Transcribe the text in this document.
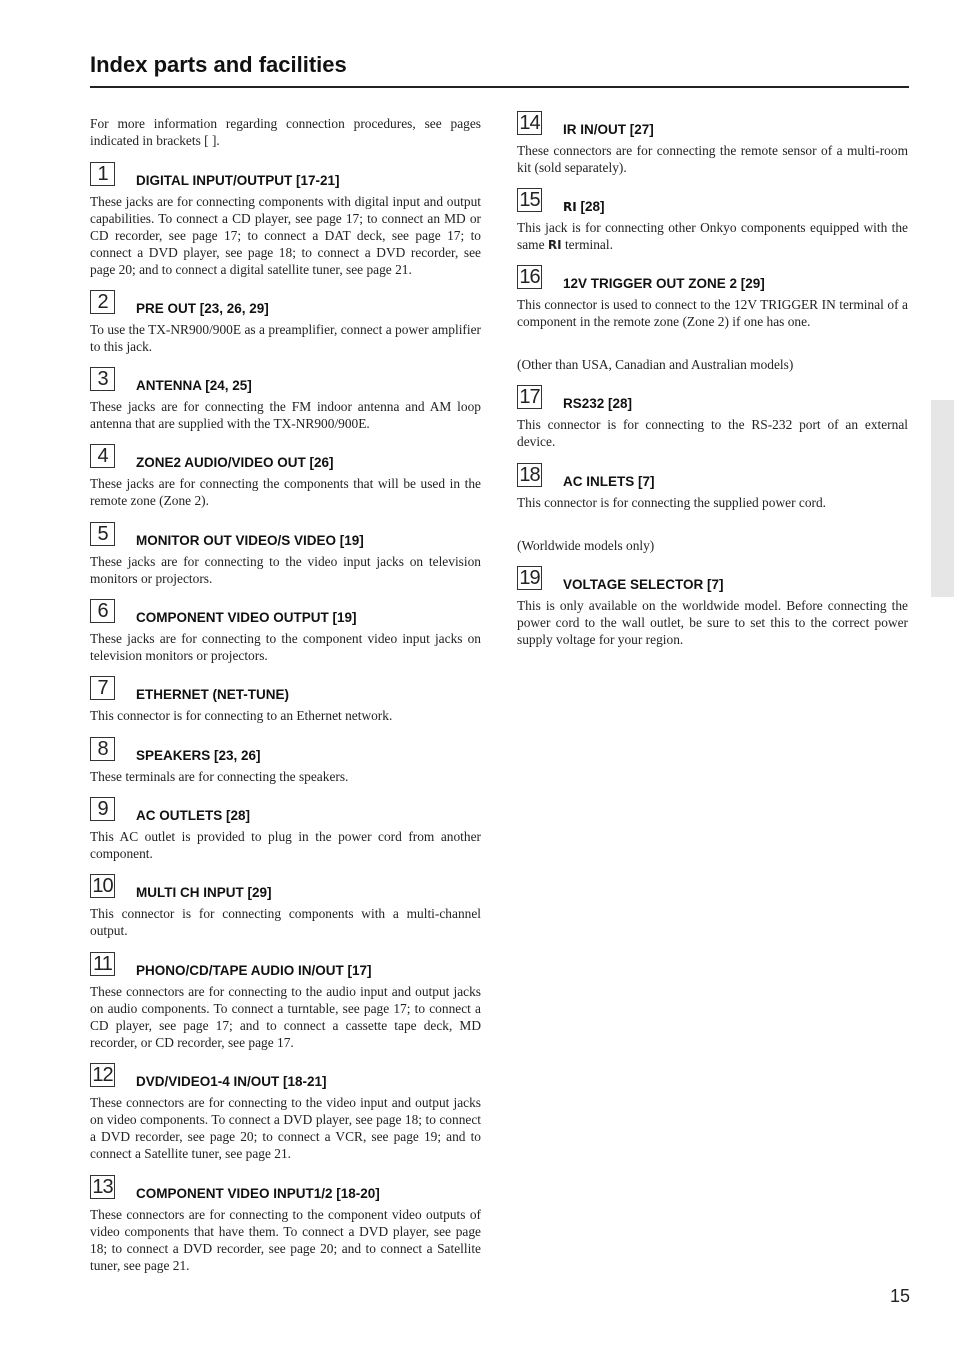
Index parts and facilities

For more information regarding connection procedures, see pages indicated in brackets [ ].

1	DIGITAL INPUT/OUTPUT [17-21]

These jacks are for connecting components with digital input and output capabilities. To connect a CD player, see page 17; to connect an MD or CD recorder, see page 17; to connect a DAT deck, see page 17; to connect a DVD player, see page 18; to connect a DVD recorder, see page 20; and to connect a digital satellite tuner, see page 21.

2	PRE OUT [23, 26, 29]

To use the TX-NR900/900E as a preamplifier, connect a power amplifier to this jack.

3	ANTENNA [24, 25]

These jacks are for connecting the FM indoor antenna and AM loop antenna that are supplied with the TX-NR900/900E.

4	ZONE2 AUDIO/VIDEO OUT [26]

These jacks are for connecting the components that will be used in the remote zone (Zone 2).

5	MONITOR OUT VIDEO/S VIDEO [19]

These jacks are for connecting to the video input jacks on television monitors or projectors.

6	COMPONENT VIDEO OUTPUT [19]

These jacks are for connecting to the component video input jacks on television monitors or projectors.

7	ETHERNET (NET-TUNE)

This connector is for connecting to an Ethernet network.

8	SPEAKERS [23, 26]

These terminals are for connecting the speakers.

9	AC OUTLETS [28]

This AC outlet is provided to plug in the power cord from another component.

10 MULTI CH INPUT [29]

This connector is for connecting components with a multi-channel output.

11 PHONO/CD/TAPE AUDIO IN/OUT [17]

These connectors are for connecting to the audio input and output jacks on audio components. To connect a turntable, see page 17; to connect a CD player, see page 17; and to connect a cassette tape deck, MD recorder, or CD recorder, see page 17.

12 DVD/VIDEO1-4 IN/OUT [18-21]

These connectors are for connecting to the video input and output jacks on video components. To connect a DVD player, see page 18; to connect a DVD recorder, see page 20; to connect a VCR, see page 19; and to connect a Satellite tuner, see page 21.

13 COMPONENT VIDEO INPUT1/2 [18-20]

These connectors are for connecting to the component video outputs of video components that have them. To connect a DVD player, see page 18; to connect a DVD recorder, see page 20; and to connect a Satellite tuner, see page 21.

14 IR IN/OUT [27]

These connectors are for connecting the remote sensor of a multi-room kit (sold separately).

15 RI [28]

This jack is for connecting other Onkyo components equipped with the same RI terminal.

16 12V TRIGGER OUT ZONE 2 [29]

This connector is used to connect to the 12V TRIGGER IN terminal of a component in the remote zone (Zone 2) if one has one.

(Other than USA, Canadian and Australian models)

17 RS232 [28]

This connector is for connecting to the RS-232 port of an external device.

18 AC INLETS [7]

This connector is for connecting the supplied power cord.

(Worldwide models only)

19 VOLTAGE SELECTOR [7]

This is only available on the worldwide model. Before connecting the power cord to the wall outlet, be sure to set this to the correct power supply voltage for your region.

15
